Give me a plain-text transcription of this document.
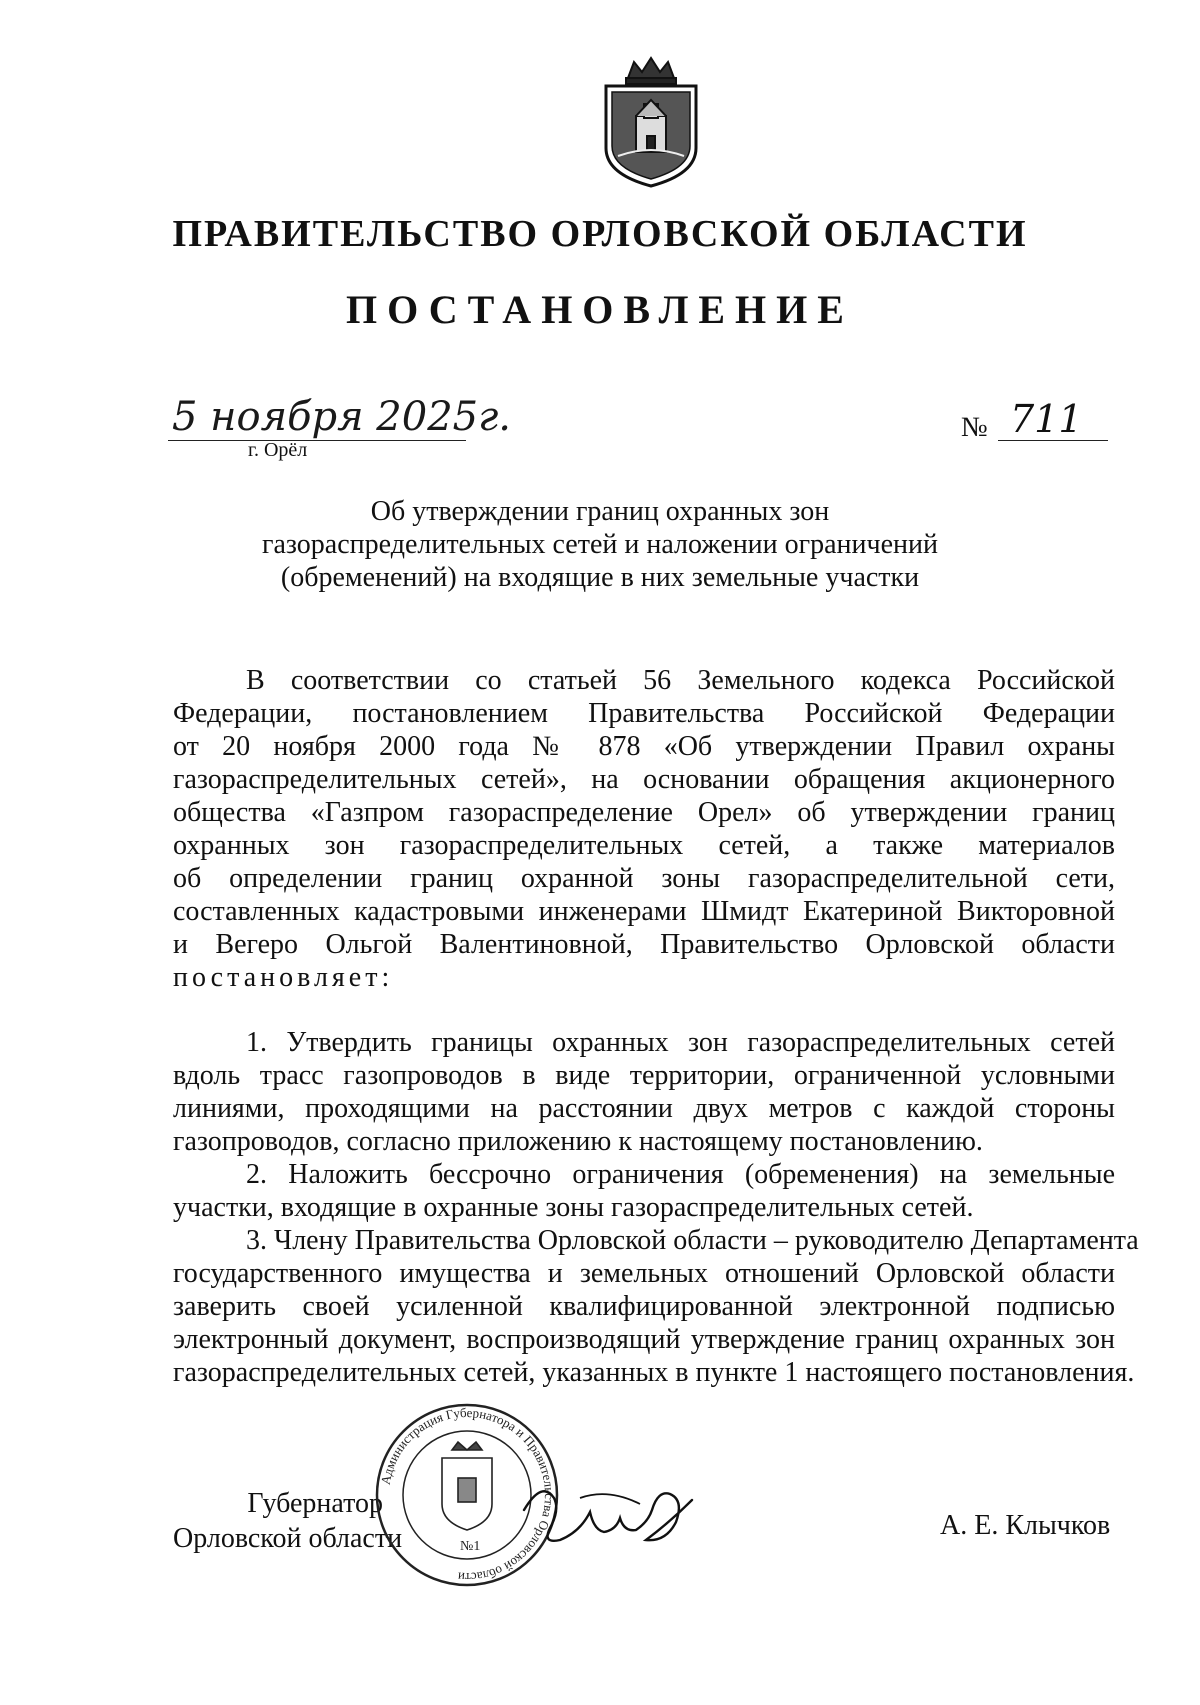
ПРАВИТЕЛЬСТВО ОРЛОВСКОЙ ОБЛАСТИ
ПОСТАНОВЛЕНИЕ
5 ноября 2025г.
г. Орёл
№ 711
Об утверждении границ охранных зон
газораспределительных сетей и наложении ограничений
(обременений) на входящие в них земельные участки
В соответствии со статьей 56 Земельного кодекса Российской
Федерации, постановлением Правительства Российской Федерации
от 20 ноября 2000 года № 878 «Об утверждении Правил охраны
газораспределительных сетей», на основании обращения акционерного
общества «Газпром газораспределение Орел» об утверждении границ
охранных зон газораспределительных сетей, а также материалов
об определении границ охранной зоны газораспределительной сети,
составленных кадастровыми инженерами Шмидт Екатериной Викторовной
и Вегеро Ольгой Валентиновной, Правительство Орловской области
постановляет:
1. Утвердить границы охранных зон газораспределительных сетей
вдоль трасс газопроводов в виде территории, ограниченной условными
линиями, проходящими на расстоянии двух метров с каждой стороны
газопроводов, согласно приложению к настоящему постановлению.
2. Наложить бессрочно ограничения (обременения) на земельные
участки, входящие в охранные зоны газораспределительных сетей.
3. Члену Правительства Орловской области – руководителю Департамента
государственного имущества и земельных отношений Орловской области
заверить своей усиленной квалифицированной электронной подписью
электронный документ, воспроизводящий утверждение границ охранных зон
газораспределительных сетей, указанных в пункте 1 настоящего постановления.
Губернатор
Орловской области	А. Е. Клычков
Администрация Губернатора и Правительства Орловской области
№1
